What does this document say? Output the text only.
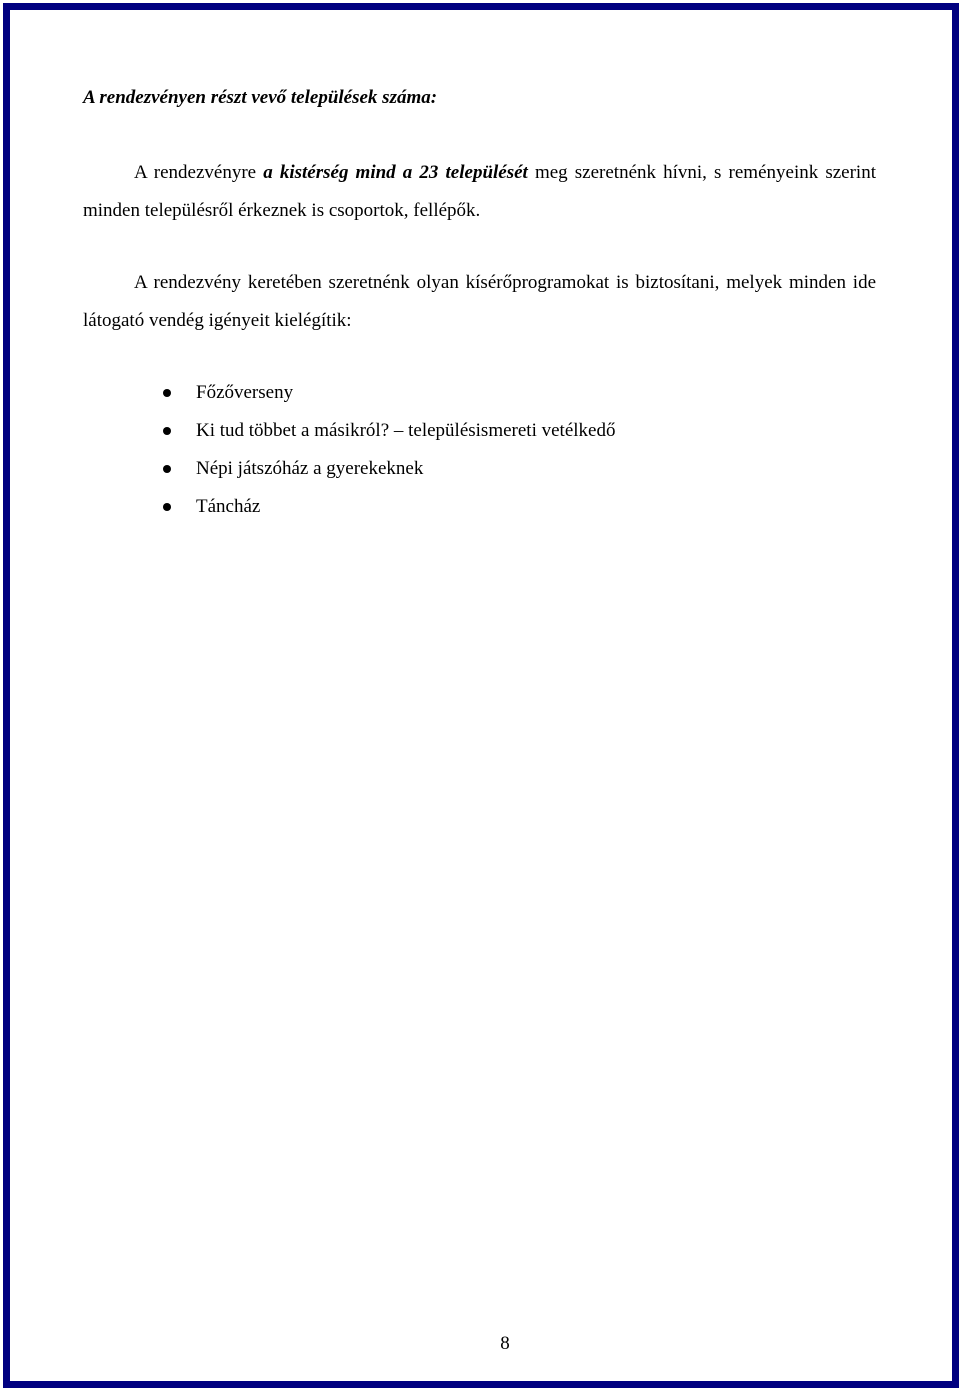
A rendezvényen részt vevő települések száma:

A rendezvényre a kistérség mind a 23 települését meg szeretnénk hívni, s reményeink szerint minden településről érkeznek is csoportok, fellépők.

A rendezvény keretében szeretnénk olyan kísérőprogramokat is biztosítani, melyek minden ide látogató vendég igényeit kielégítik:

Főzőverseny
Ki tud többet a másikról? – településismereti vetélkedő
Népi játszóház a gyerekeknek
Táncház
8
